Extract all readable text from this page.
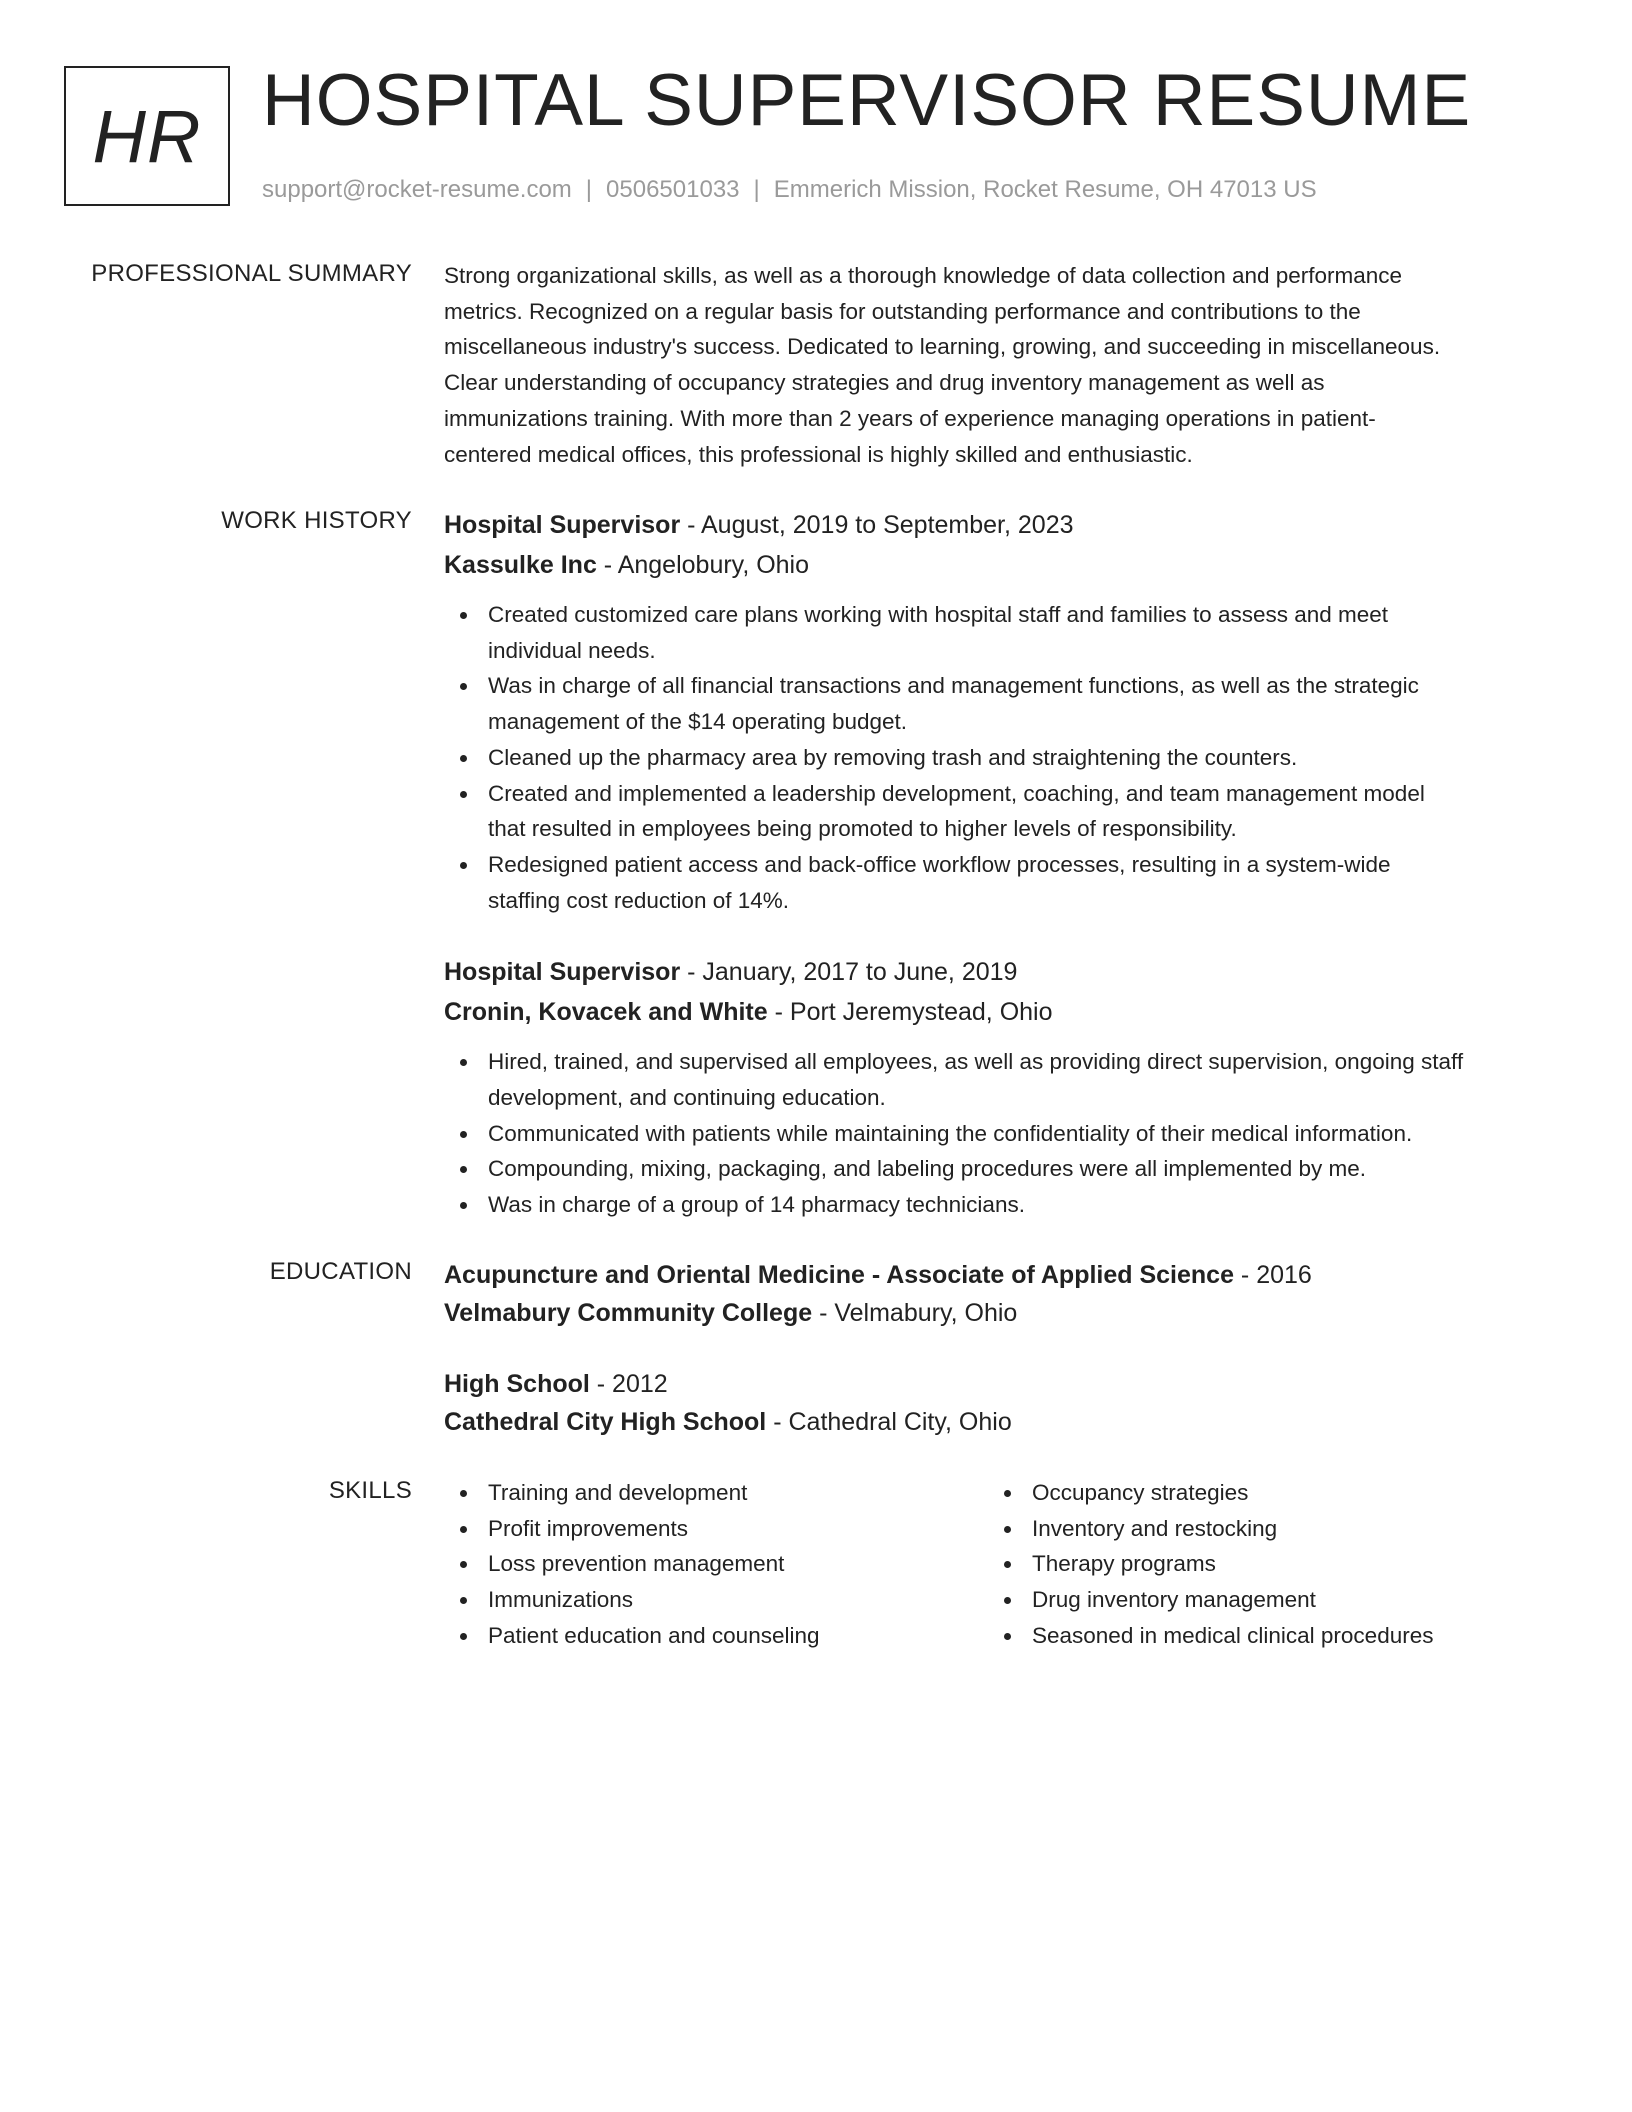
HR HOSPITAL SUPERVISOR RESUME
support@rocket-resume.com | 0506501033 | Emmerich Mission, Rocket Resume, OH 47013 US
PROFESSIONAL SUMMARY Strong organizational skills, as well as a thorough knowledge of data collection and performance
metrics. Recognized on a regular basis for outstanding performance and contributions to the
miscellaneous industry's success. Dedicated to learning, growing, and succeeding in miscellaneous.
Clear understanding of occupancy strategies and drug inventory management as well as
immunizations training. With more than 2 years of experience managing operations in patient-
centered medical offices, this professional is highly skilled and enthusiastic.

WORK HISTORY Hospital Supervisor - August, 2019 to September, 2023
Kassulke Inc - Angelobury, Ohio
Created customized care plans working with hospital staff and families to assess and meet
individual needs.
Was in charge of all financial transactions and management functions, as well as the strategic
management of the $14 operating budget.
Cleaned up the pharmacy area by removing trash and straightening the counters.
Created and implemented a leadership development, coaching, and team management model
that resulted in employees being promoted to higher levels of responsibility.
Redesigned patient access and back-office workflow processes, resulting in a system-wide
staffing cost reduction of 14%.
Hospital Supervisor - January, 2017 to June, 2019
Cronin, Kovacek and White - Port Jeremystead, Ohio
Hired, trained, and supervised all employees, as well as providing direct supervision, ongoing staff
development, and continuing education.
Communicated with patients while maintaining the confidentiality of their medical information.
Compounding, mixing, packaging, and labeling procedures were all implemented by me.
Was in charge of a group of 14 pharmacy technicians.
EDUCATION Acupuncture and Oriental Medicine - Associate of Applied Science - 2016
Velmabury Community College - Velmabury, Ohio
High School - 2012
Cathedral City High School - Cathedral City, Ohio
SKILLS	Training and development
Profit improvements
Loss prevention management
Immunizations
Patient education and counseling
Occupancy strategies
Inventory and restocking
Therapy programs
Drug inventory management
Seasoned in medical clinical procedures
